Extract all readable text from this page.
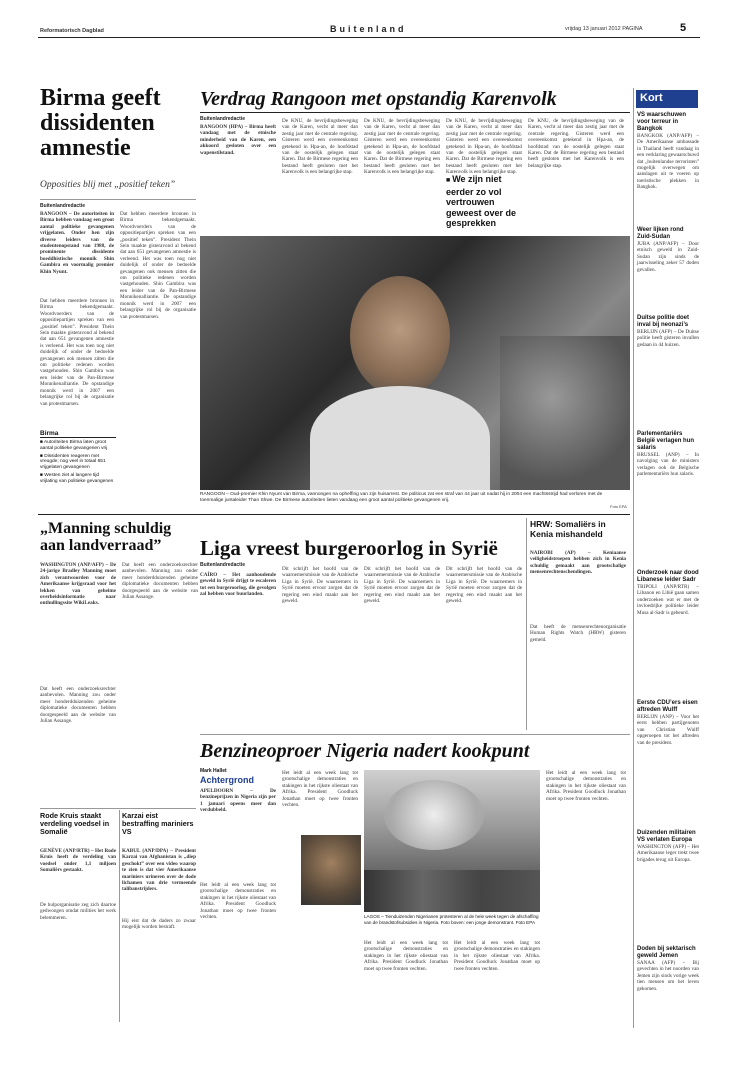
Reformatorisch Dagblad	Buitenland	vrijdag 13 januari 2012 PAGINA	5
Birma geeft dissidenten amnestie
Opposities blij met „positief teken”
Buitenlandredactie
RANGOON – De autoriteiten in Birma hebben vandaag een groot aantal politieke gevangenen vrijgelaten. Onder hen zijn diverse leiders van de studentenopstand van 1988, de prominente dissidente boeddhistische monnik Shin Gambira en voormalig premier Khin Nyunt.
Dat hebben meerdere bronnen in Birma bekendgemaakt. Woordvoerders van de oppositiepartijen spreken van een „positief teken”. President Thein Sein maakte gisteravond al bekend dat aan 651 gevangenen amnestie is verleend. Het was toen nog niet duidelijk of onder de bedoelde gevangenen ook mensen zitten die om politieke redenen worden vastgehouden. Shin Gambira was een leider van de Pan-Birmese Monnikenalliantie. De opstandige monnik werd in 2007 een belangrijke rol bij de organisatie van protestmarsen.
Dat hebben meerdere bronnen in Birma bekendgemaakt. Woordvoerders van de oppositiepartijen spreken van een „positief teken”. President Thein Sein maakte gisteravond al bekend dat aan 651 gevangenen amnestie is verleend. Het was toen nog niet duidelijk of onder de bedoelde gevangenen ook mensen zitten die om politieke redenen worden vastgehouden. Shin Gambira was een leider van de Pan-Birmese Monnikenalliantie. De opstandige monnik werd in 2007 een belangrijke rol bij de organisatie van protestmarsen.
Birma
■ Autoriteiten Birma laten groot aantal politieke gevangenen vrij
■ Dissidenten reageren met vreugde; nog veel in totaal 651 vrijgelaten gevangenen
■ Westen ziet al langere tijd vrijlating van politieke gevangenen
Verdrag Rangoon met opstandig Karenvolk
Buitenlandredactie
RANGOON (HPA) – Birma heeft vandaag met de etnische minderheid van de Karen, een akkoord gesloten over een wapenstilstand.
De KNU, de bevrijdingsbeweging van de Karen, vecht al meer dan zestig jaar met de centrale regering. Gisteren werd een overeenkomst getekend in Hpa-an, de hoofdstad van de oostelijk gelegen staat Karen. Dat de Birmese regering een bestand heeft gesloten met het Karenvolk is een belangrijke stap.
De KNU, de bevrijdingsbeweging van de Karen, vecht al meer dan zestig jaar met de centrale regering. Gisteren werd een overeenkomst getekend in Hpa-an, de hoofdstad van de oostelijk gelegen staat Karen. Dat de Birmese regering een bestand heeft gesloten met het Karenvolk is een belangrijke stap.
De KNU, de bevrijdingsbeweging van de Karen, vecht al meer dan zestig jaar met de centrale regering. Gisteren werd een overeenkomst getekend in Hpa-an, de hoofdstad van de oostelijk gelegen staat Karen. Dat de Birmese regering een bestand heeft gesloten met het Karenvolk is een belangrijke stap.
■ We zijn niet eerder zo vol vertrouwen geweest over de gesprekken
De KNU, de bevrijdingsbeweging van de Karen, vecht al meer dan zestig jaar met de centrale regering. Gisteren werd een overeenkomst getekend in Hpa-an, de hoofdstad van de oostelijk gelegen staat Karen. Dat de Birmese regering een bestand heeft gesloten met het Karenvolk is een belangrijke stap.
RANGOON – Oud-premier Khin Nyunt van Birma, vannongen na opheffing van zijn huisarrest. De politicus zat een straf van 44 jaar uit nadat hij in 2004 een machtsstrijd had verloren met de toenmalige juntaleider Than Shwe. De Birmese autoriteiten lieten vandaag een groot aantal politieke gevangenen vrij.
Foto EPA
Kort
VS waarschuwen voor terreur in Bangkok
BANGKOK (ANP/AFP) – De Amerikaanse ambassade in Thailand heeft vandaag in een verklaring gewaarschuwd dat „buitenlandse terroristen” mogelijk overwegen om aanslagen uit te voeren op toeristische plekken in Bangkok.
Weer lijken rond Zuid-Sudan
JUBA (ANP/AFP) – Door etnisch geweld in Zuid-Sudan zijn sinds de jaarwisseling zeker 57 doden gevallen.
Duitse politie doet inval bij neonazi’s
BERLIJN (AFP) – De Duitse politie heeft gisteren invallen gedaan in 44 huizen.
Parlementariërs België verlagen hun salaris
BRUSSEL (ANP) – In navolging van de ministers verlagen ook de Belgische parlementariërs hun salaris.
Onderzoek naar dood Libanese leider Sadr
TRIPOLI (ANP/RTR) – Libanon en Libië gaan samen onderzoeken wat er met de invloedrijke politieke leider Musa al-Sadr is gebeurd.
Eerste CDU’ers eisen aftreden Wulff
BERLIJN (ANP) – Voor het eerst hebben partijgenoten van Christian Wulff opgeroepen tot het aftreden van de president.
Duizenden militairen VS verlaten Europa
WASHINGTON (AFP) – Het Amerikaanse leger trekt twee brigades terug uit Europa.
Doden bij sektarisch geweld Jemen
SANAA (AFP) – Bij gevechten in het noorden van Jemen zijn sinds vorige week tien mensen om het leven gekomen.
„Manning schuldig aan landverraad”
WASHINGTON (ANP/AFP) – De 24-jarige Bradley Manning moet zich verantwoorden voor de Amerikaanse krijgsraad voor het lekken van geheime overheidsinformatie naar onthullingssite WikiLeaks.
Dat heeft een onderzoeksrechter aanbevolen. Manning zou onder meer honderdduizenden geheime diplomatieke documenten hebben doorgespeeld aan de website van Julian Assange.
Dat heeft een onderzoeksrechter aanbevolen. Manning zou onder meer honderdduizenden geheime diplomatieke documenten hebben doorgespeeld aan de website van Julian Assange.
Liga vreest burgeroorlog in Syrië
Buitenlandredactie
CAÏRO – Het aanhoudende geweld in Syrië drijgt te escaleren tot een burgeroorlog, die gevolgen zal hebben voor buurlanden.
Dit schrijft het hoofd van de waarnemersmissie van de Arabische Liga in Syrië. De waarnemers in Syrië moeten ervoor zorgen dat de regering een eind maakt aan het geweld.
Dit schrijft het hoofd van de waarnemersmissie van de Arabische Liga in Syrië. De waarnemers in Syrië moeten ervoor zorgen dat de regering een eind maakt aan het geweld.
Dit schrijft het hoofd van de waarnemersmissie van de Arabische Liga in Syrië. De waarnemers in Syrië moeten ervoor zorgen dat de regering een eind maakt aan het geweld.
HRW: Somaliërs in Kenia mishandeld
NAIROBI (AP) – Keniaanse veiligheidstroepen hebben zich in Kenia schuldig gemaakt aan grootschalige mensenrechtenschendingen.
Dat heeft de mensenrechtenorganisatie Human Rights Watch (HRW) gisteren gemeld.
Benzineoproer Nigeria nadert kookpunt
Mark Hallet
Achtergrond
APELDOORN – De benzineprijzen in Nigeria zijn per 1 januari opeens meer dan verdubbeld.
Het leidt al een week lang tot grootschalige demonstraties en stakingen in het rijkste oliestaat van Afrika. President Goodluck Jonathan moet op twee fronten vechten.
Het leidt al een week lang tot grootschalige demonstraties en stakingen in het rijkste oliestaat van Afrika. President Goodluck Jonathan moet op twee fronten vechten.
LAGOS – Tienduizenden Nigerianen protesteren al de hele week tegen de afschaffing van de brandstofsubsidies in Nigeria. Foto boven: een jonge demonstrant. Foto EPA
Het leidt al een week lang tot grootschalige demonstraties en stakingen in het rijkste oliestaat van Afrika. President Goodluck Jonathan moet op twee fronten vechten.
Het leidt al een week lang tot grootschalige demonstraties en stakingen in het rijkste oliestaat van Afrika. President Goodluck Jonathan moet op twee fronten vechten.
Het leidt al een week lang tot grootschalige demonstraties en stakingen in het rijkste oliestaat van Afrika. President Goodluck Jonathan moet op twee fronten vechten.
Rode Kruis staakt verdeling voedsel in Somalië
GENÈVE (ANP/RTR) – Het Rode Kruis heeft de verdeling van voedsel onder 1,1 miljoen Somaliërs gestaakt.
De hulporganisatie zeg zich daartoe gedwongen omdat milities het werk belemmeren.
Karzai eist bestraffing mariniers VS
KABUL (ANP/DPA) – President Karzai van Afghanistan is „diep geschokt” over een video waarop te zien is dat vier Amerikaanse mariniers urineren over de dode lichamen van drie vermeende talibanstrijders.
Hij eist dat de daders zo zwaar mogelijk worden bestraft.
